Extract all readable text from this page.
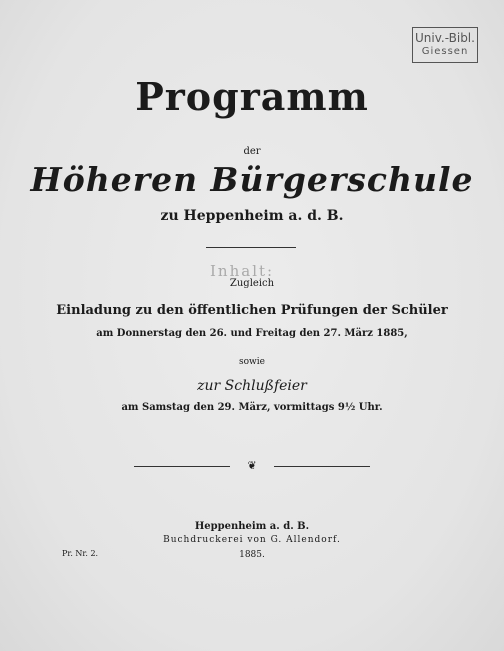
Univ.-Bibl.
Giessen
Programm
der
Höheren Bürgerschule
zu Heppenheim a. d. B.
Inhalt:
Zugleich
Einladung zu den öffentlichen Prüfungen der Schüler
am Donnerstag den 26. und Freitag den 27. März 1885,
sowie
zur Schlußfeier
am Samstag den 29. März, vormittags 9½ Uhr.
❦
Heppenheim a. d. B.
Buchdruckerei von G. Allendorf.
1885.
Pr. Nr. 2.
